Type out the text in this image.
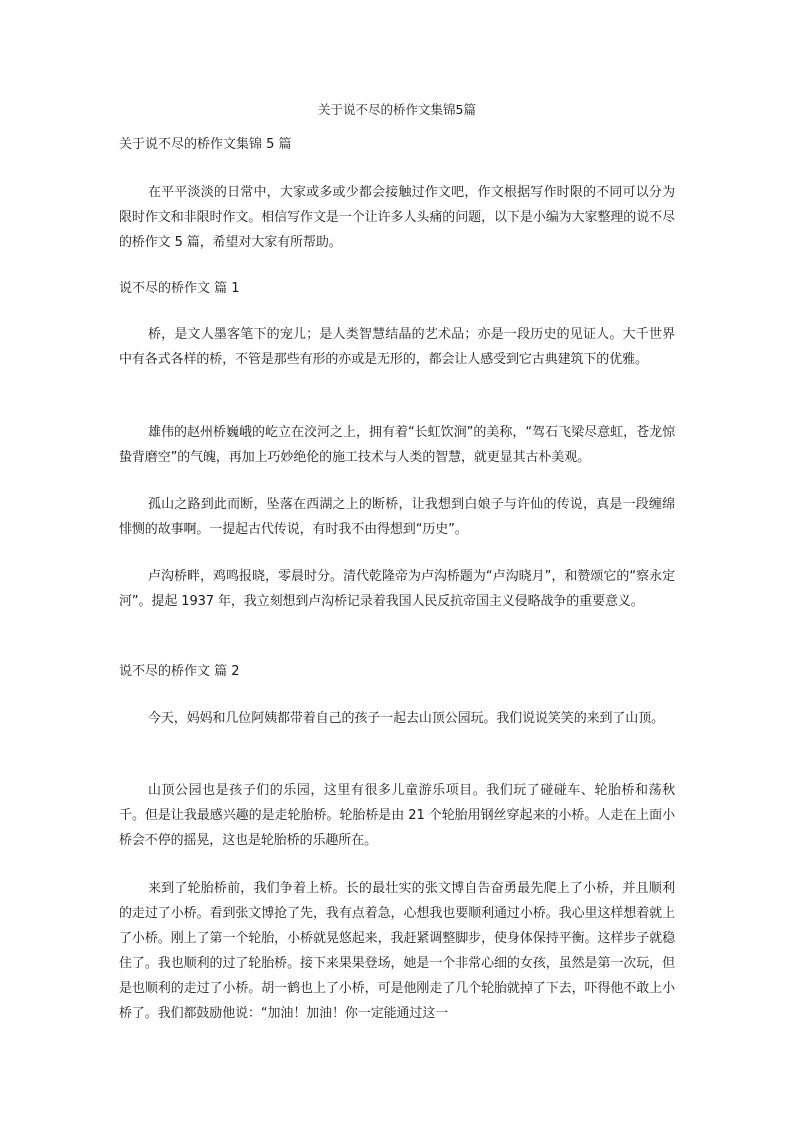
关于说不尽的桥作文集锦5篇
关于说不尽的桥作文集锦 5 篇

在平平淡淡的日常中，大家或多或少都会接触过作文吧，作文根据写作时限的不同可以分为限时作文和非限时作文。相信写作文是一个让许多人头痛的问题，以下是小编为大家整理的说不尽的桥作文 5 篇，希望对大家有所帮助。

说不尽的桥作文 篇 1

桥，是文人墨客笔下的宠儿；是人类智慧结晶的艺术品；亦是一段历史的见证人。大千世界中有各式各样的桥，不管是那些有形的亦或是无形的，都会让人感受到它古典建筑下的优雅。

雄伟的赵州桥巍峨的屹立在洨河之上，拥有着“长虹饮涧”的美称，“驾石飞梁尽意虹，苍龙惊蛰背磨空”的气魄，再加上巧妙绝伦的施工技术与人类的智慧，就更显其古朴美观。

孤山之路到此而断，坠落在西湖之上的断桥，让我想到白娘子与许仙的传说，真是一段缠绵悱恻的故事啊。一提起古代传说，有时我不由得想到“历史”。

卢沟桥畔，鸡鸣报晓，零晨时分。清代乾隆帝为卢沟桥题为“卢沟晓月”，和赞颂它的“察永定河”。提起 1937 年，我立刻想到卢沟桥记录着我国人民反抗帝国主义侵略战争的重要意义。

说不尽的桥作文 篇 2

今天，妈妈和几位阿姨都带着自己的孩子一起去山顶公园玩。我们说说笑笑的来到了山顶。

山顶公园也是孩子们的乐园，这里有很多儿童游乐项目。我们玩了碰碰车、轮胎桥和荡秋千。但是让我最感兴趣的是走轮胎桥。轮胎桥是由 21 个轮胎用钢丝穿起来的小桥。人走在上面小桥会不停的摇晃，这也是轮胎桥的乐趣所在。

来到了轮胎桥前，我们争着上桥。长的最壮实的张文博自告奋勇最先爬上了小桥，并且顺利的走过了小桥。看到张文博抢了先，我有点着急，心想我也要顺利通过小桥。我心里这样想着就上了小桥。刚上了第一个轮胎，小桥就晃悠起来，我赶紧调整脚步，使身体保持平衡。这样步子就稳住了。我也顺利的过了轮胎桥。接下来果果登场，她是一个非常心细的女孩，虽然是第一次玩，但是也顺利的走过了小桥。胡一鹤也上了小桥，可是他刚走了几个轮胎就掉了下去，吓得他不敢上小桥了。我们都鼓励他说：“加油！加油！你一定能通过这一
